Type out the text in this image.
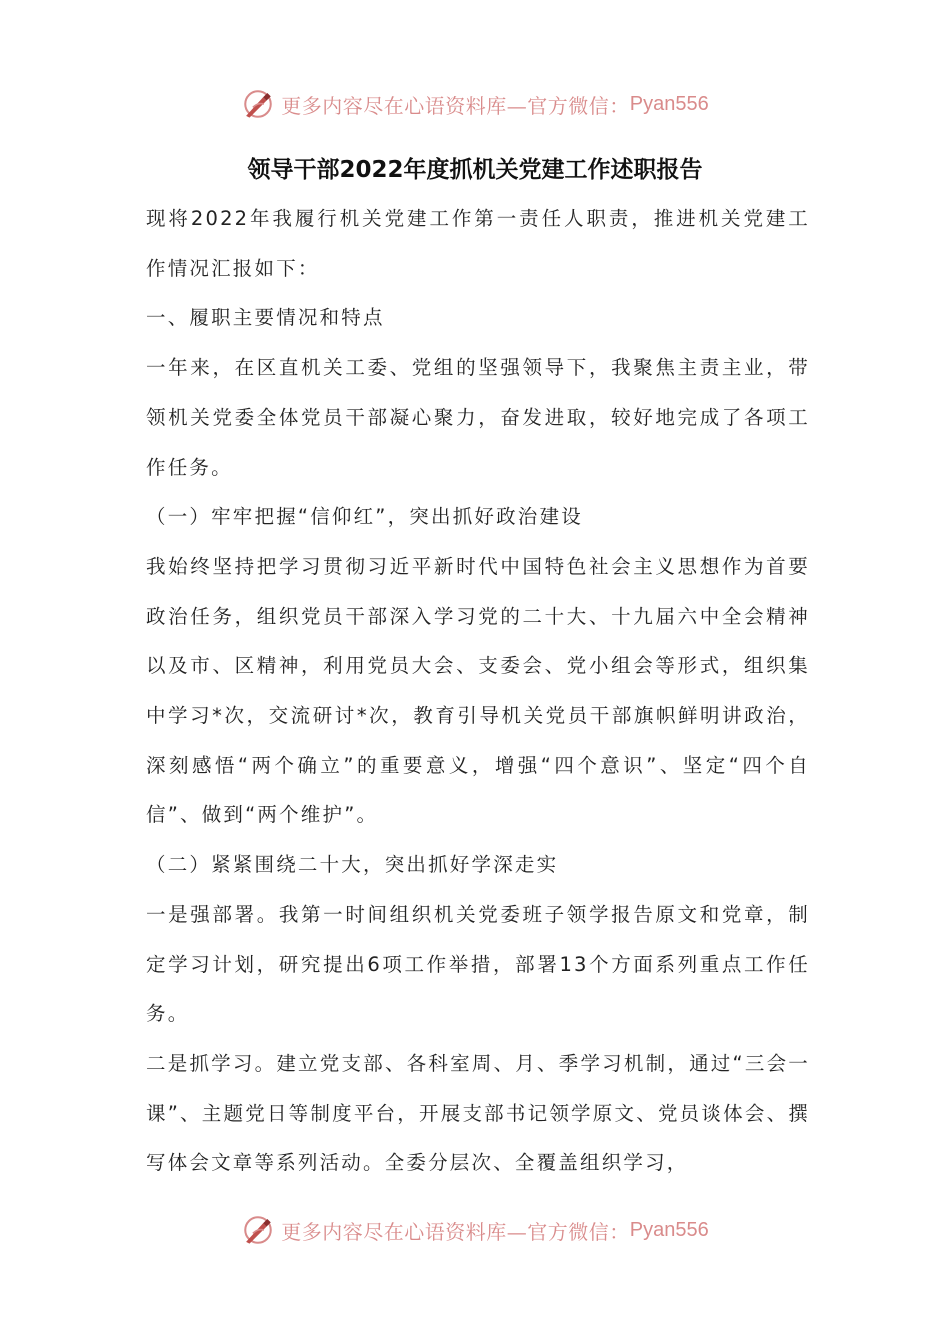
更多内容尽在心语资料库—官方微信： Pyan556
领导干部2022年度抓机关党建工作述职报告

现将2022年我履行机关党建工作第一责任人职责，推进机关党建工作情况汇报如下：

一、履职主要情况和特点

一年来，在区直机关工委、党组的坚强领导下，我聚焦主责主业，带领机关党委全体党员干部凝心聚力，奋发进取，较好地完成了各项工作任务。

（一）牢牢把握“信仰红”，突出抓好政治建设

我始终坚持把学习贯彻习近平新时代中国特色社会主义思想作为首要政治任务，组织党员干部深入学习党的二十大、十九届六中全会精神以及市、区精神，利用党员大会、支委会、党小组会等形式，组织集中学习*次，交流研讨*次，教育引导机关党员干部旗帜鲜明讲政治，深刻感悟“两个确立”的重要意义，增强“四个意识”、坚定“四个自信”、做到“两个维护”。

（二）紧紧围绕二十大，突出抓好学深走实

一是强部署。我第一时间组织机关党委班子领学报告原文和党章，制定学习计划，研究提出6项工作举措，部署13个方面系列重点工作任务。

二是抓学习。建立党支部、各科室周、月、季学习机制，通过“三会一课”、主题党日等制度平台，开展支部书记领学原文、党员谈体会、撰写体会文章等系列活动。全委分层次、全覆盖组织学习，

更多内容尽在心语资料库—官方微信： Pyan556
